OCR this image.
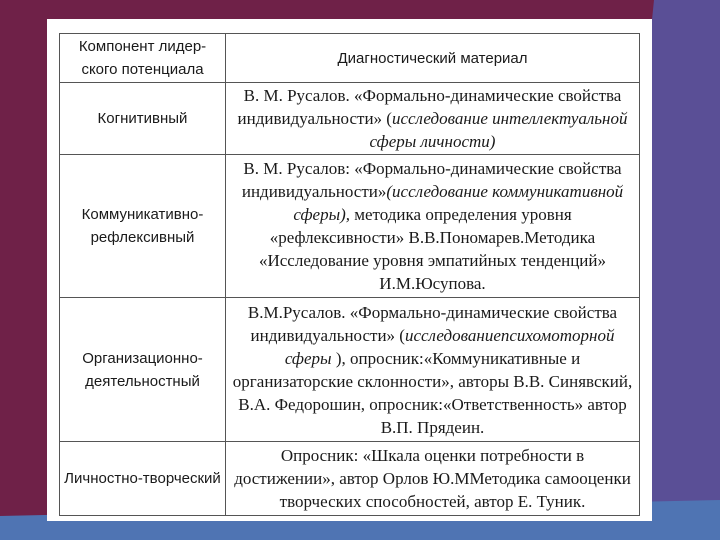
Компонент лидер-ского потенциала	Диагностический материал
Когнитивный	В. М. Русалов. «Формально-динамические свойства индивидуальности» (исследование интеллектуальной сферы личности)
Коммуникативно-рефлексивный	В. М. Русалов: «Формально-динамические свойства индивидуальности»(исследование коммуникативной сферы), методика определения уровня «рефлексивности» В.В.Пономарев.Методика «Исследование уровня эмпатийных тенденций» И.М.Юсупова.
Организационно-деятельностный	В.М.Русалов. «Формально-динамические свойства индивидуальности» (исследованиепсихомоторной сферы ), опросник:«Коммуникативные и организаторские склонности», авторы В.В. Синявский, В.А. Федорошин, опросник:«Ответственность» автор В.П. Прядеин.
Личностно-творческий	Опросник: «Шкала оценки потребности в достижении», автор Орлов Ю.ММетодика самооценки творческих способностей, автор Е. Туник.
